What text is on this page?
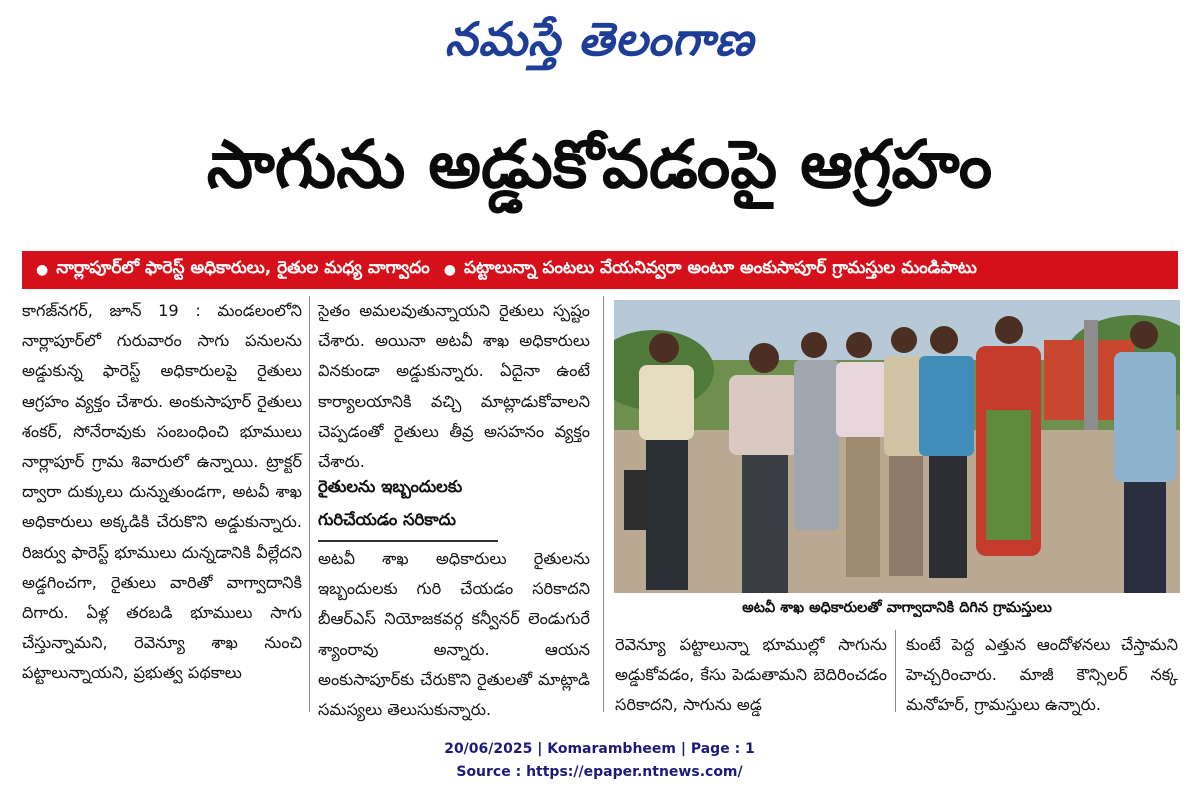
నమస్తే తెలంగాణ
సాగును అడ్డుకోవడంపై ఆగ్రహం
● నార్లాపూర్‌లో ఫారెస్ట్ అధికారులు, రైతుల మధ్య వాగ్వాదం ● పట్టాలున్నా పంటలు వేయనివ్వరా అంటూ అంకుసాపూర్ గ్రామస్తుల మండిపాటు

కాగజ్‌నగర్, జూన్ 19 : మండలంలోని నార్లాపూర్‌లో గురువారం సాగు పనులను అడ్డుకున్న ఫారెస్ట్ అధికారులపై రైతులు ఆగ్రహం వ్యక్తం చేశారు. అంకుసాపూర్ రైతులు శంకర్, సోనేరావుకు సంబంధించి భూములు నార్లాపూర్ గ్రామ శివారులో ఉన్నాయి. ట్రాక్టర్ ద్వారా దుక్కులు దున్నుతుండగా, అటవీ శాఖ అధికారులు అక్కడికి చేరుకొని అడ్డుకున్నారు. రిజర్వు ఫారెస్ట్ భూములు దున్నడానికి వీల్లేదని అడ్డగించగా, రైతులు వారితో వాగ్వాదానికి దిగారు. ఏళ్ల తరబడి భూములు సాగు చేస్తున్నామని, రెవెన్యూ శాఖ నుంచి పట్టాలున్నాయని, ప్రభుత్వ పథకాలు

సైతం అమలవుతున్నాయని రైతులు స్పష్టం చేశారు. అయినా అటవీ శాఖ అధికారులు వినకుండా అడ్డుకున్నారు. ఏదైనా ఉంటే కార్యాలయానికి వచ్చి మాట్లాడుకోవాలని చెప్పడంతో రైతులు తీవ్ర అసహనం వ్యక్తం చేశారు.

రైతులను ఇబ్బందులకు గురిచేయడం సరికాదు

అటవీ శాఖ అధికారులు రైతులను ఇబ్బందులకు గురి చేయడం సరికాదని బీఆర్ఎస్ నియోజకవర్గ కన్వీనర్ లెండుగురే శ్యాంరావు అన్నారు. ఆయన అంకుసాపూర్‌కు చేరుకొని రైతులతో మాట్లాడి సమస్యలు తెలుసుకున్నారు.

అటవీ శాఖ అధికారులతో వాగ్వాదానికి దిగిన గ్రామస్తులు

రెవెన్యూ పట్టాలున్నా భూముల్లో సాగును అడ్డుకోవడం, కేసు పెడుతామని బెదిరించడం సరికాదని, సాగును అడ్డ

కుంటే పెద్ద ఎత్తున ఆందోళనలు చేస్తామని హెచ్చరించారు. మాజీ కౌన్సిలర్ నక్క మనోహర్, గ్రామస్తులు ఉన్నారు.

20/06/2025 | Komarambheem | Page : 1
Source : https://epaper.ntnews.com/
